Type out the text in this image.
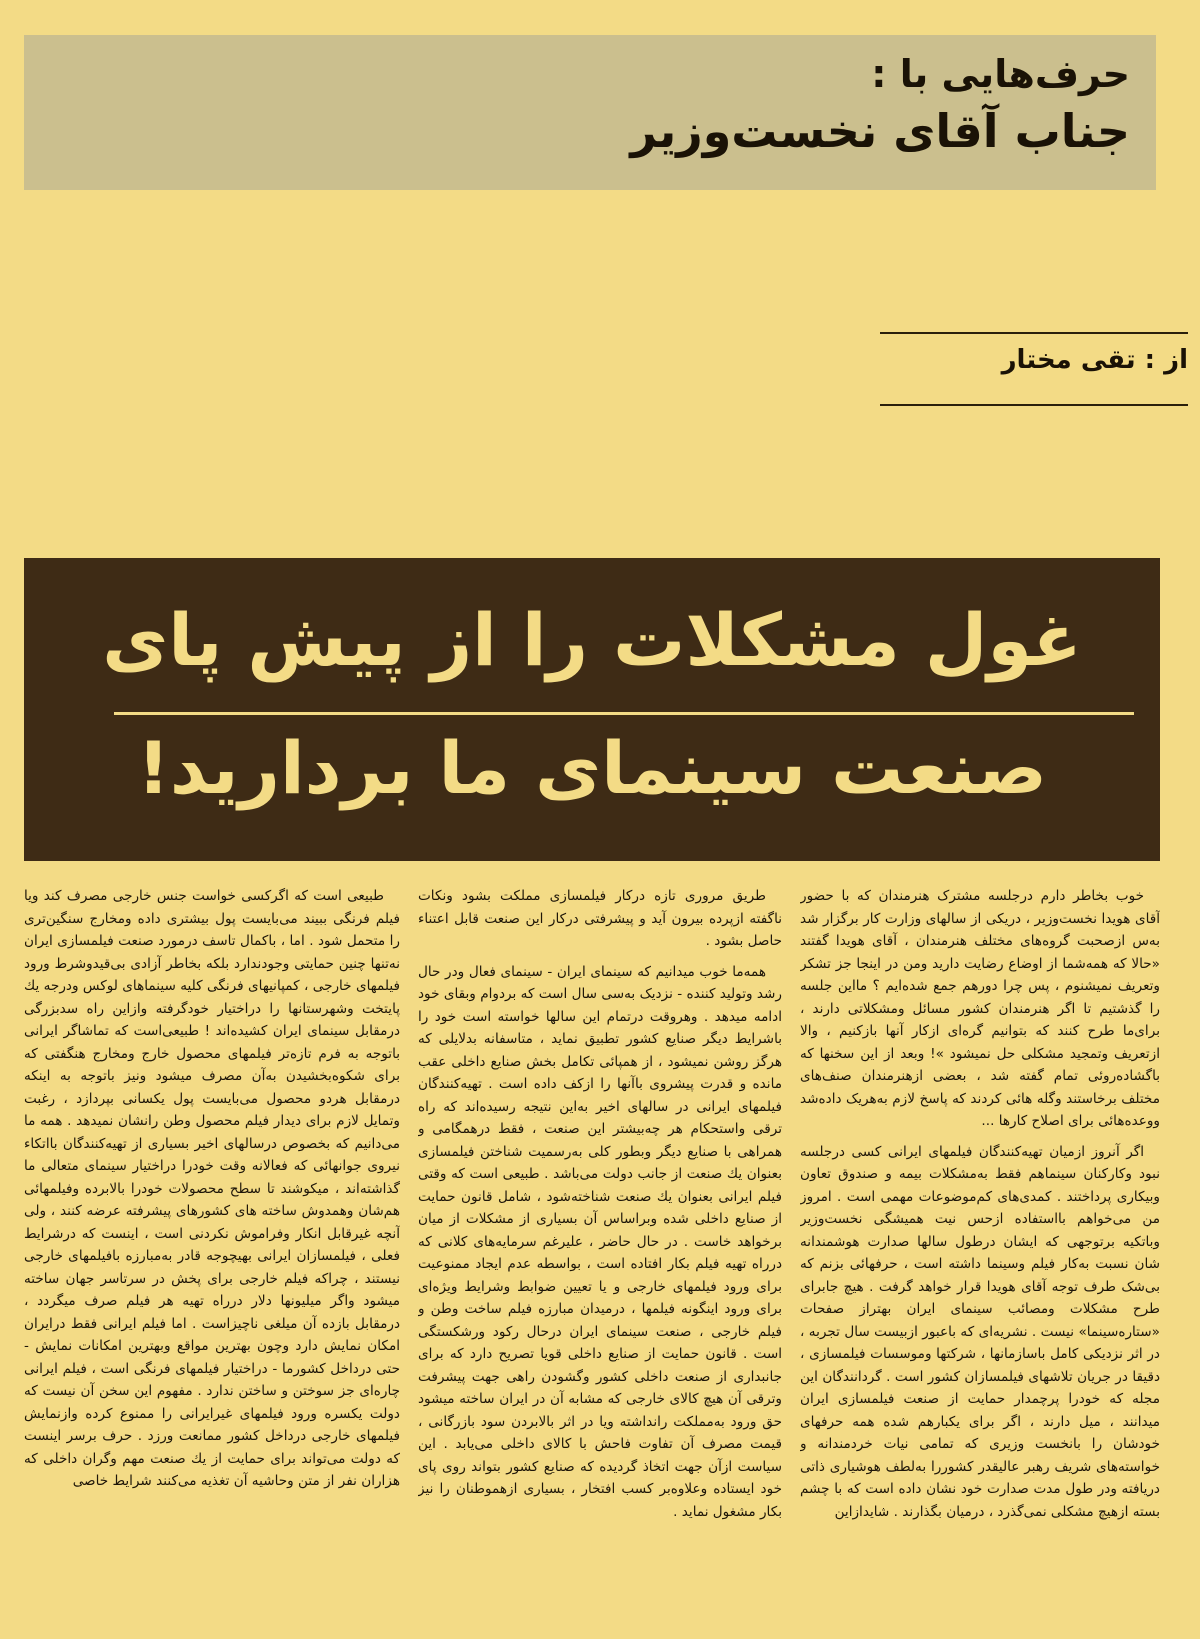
حرف‌هایی با :
جناب آقای نخست‌وزیر
از : تقی مختار
غول مشکلات را از پیش پای
صنعت سینمای ما بردارید!

خوب بخاطر دارم درجلسه مشترک هنرمندان که با حضور آقای هویدا نخست‌وزیر ، دریکی از سالهای وزارت کار برگزار شد به‌س ازصحبت گروه‌های مختلف هنرمندان ، آقای هویدا گفتند «حالا که همه‌شما از اوضاع رضایت دارید ومن در اینجا جز تشکر وتعریف نمیشنوم ، پس چرا دورهم جمع شده‌ایم ؟ مااین جلسه را گذشتیم تا اگر هنرمندان کشور مسائل ومشکلاتی دارند ، برای‌ما طرح کنند که بتوانیم گره‌ای ازکار آنها بازکنیم ، والا ازتعریف وتمجید مشکلی حل نمیشود »! وبعد از این سخنها که باگشاده‌روئی تمام گفته شد ، بعضی ازهنرمندان صنف‌های مختلف برخاستند وگله هائی کردند که پاسخ لازم به‌هریک داده‌شد ووعده‌هائی برای اصلاح کارها ...

اگر آنروز ازمیان تهیه‌کنندگان فیلمهای ایرانی کسی درجلسه نبود وکارکنان سینماهم فقط به‌مشکلات بیمه و صندوق تعاون وبیکاری پرداختند . کمدی‌های کم‌موضوعات مهمی است . امروز من می‌خواهم بااستفاده ازحس نیت همیشگی نخست‌وزیر وباتکیه برتوجهی که ایشان درطول سالها صدارت هوشمندانه شان نسبت به‌کار فیلم وسینما داشته است ، حرفهائی بزنم که بی‌شک طرف توجه آقای هویدا قرار خواهد گرفت . هیچ جابرای طرح مشکلات ومصائب سینمای ایران بهتراز صفحات «ستاره‌سینما» نیست . نشریه‌ای که باعبور ازبیست سال تجربه ، در اثر نزدیکی کامل باسازمانها ، شرکتها وموسسات فیلمسازی ، دقیقا در جریان تلاشهای فیلمسازان کشور است . گردانندگان این مجله که خودرا پرچمدار حمایت از صنعت فیلمسازی ایران میدانند ، میل دارند ، اگر برای یکبارهم شده همه حرفهای خودشان را بانخست وزیری که تمامی نیات خردمندانه و خواسته‌های شریف رهبر عالیقدر کشوررا به‌لطف هوشیاری ذاتی دریافته ودر طول مدت صدارت خود نشان داده است که با چشم بسته ازهیچ مشکلی نمی‌گذرد ، درمیان بگذارند . شایدازاین

طریق مروری تازه درکار فیلمسازی مملکت بشود ونکات ناگفته ازپرده بیرون آید و پیشرفتی درکار این صنعت قابل اعتناء حاصل بشود .

همه‌ما خوب میدانیم که سینمای ایران - سینمای فعال ودر حال رشد وتولید کننده - نزدیک به‌سی سال است که بردوام وبقای خود ادامه میدهد . وهروقت درتمام این سالها خواسته است خود را باشرایط دیگر صنایع کشور تطبیق نماید ، متاسفانه بدلایلی که هرگز روشن نمیشود ، از همپائی تکامل بخش صنایع داخلی عقب مانده و قدرت پیشروی باآنها را ازکف داده است . تهیه‌کنندگان فیلمهای ایرانی در سالهای اخیر به‌این نتیجه رسیده‌اند که راه ترقی واستحکام هر چه‌بیشتر این صنعت ، فقط درهمگامی و همراهی با صنایع دیگر وبطور کلی به‌رسمیت شناختن فیلمسازی بعنوان یك صنعت از جانب دولت می‌باشد . طبیعی است که وقتی فیلم ایرانی بعنوان یك صنعت شناخته‌شود ، شامل قانون حمایت از صنایع داخلی شده وبراساس آن بسیاری از مشکلات از میان برخواهد خاست . در حال حاضر ، علیرغم سرمایه‌های کلانی که درراه تهیه فیلم بکار افتاده است ، بواسطه عدم ایجاد ممنوعیت برای ورود فیلمهای خارجی و یا تعیین ضوابط وشرایط ویژه‌ای برای ورود اینگونه فیلمها ، درمیدان مبارزه فیلم ساخت وطن و فیلم خارجی ، صنعت سینمای ایران درحال رکود ورشکستگی است . قانون حمایت از صنایع داخلی قویا تصریح دارد که برای جانبداری از صنعت داخلی کشور وگشودن راهی جهت پیشرفت وترقی آن هیچ کالای خارجی که مشابه آن در ایران ساخته میشود حق ورود به‌مملکت رانداشته ویا در اثر بالابردن سود بازرگانی ، قیمت مصرف آن تفاوت فاحش با کالای داخلی می‌یابد . این سیاست ازآن جهت اتخاذ گردیده که صنایع کشور بتواند روی پای خود ایستاده وعلاوه‌بر کسب افتخار ، بسیاری ازهموطنان را نیز بکار مشغول نماید .

طبیعی است که اگرکسی خواست جنس خارجی مصرف کند ویا فیلم فرنگی ببیند می‌بایست پول بیشتری داده ومخارج سنگین‌تری را متحمل شود . اما ، باکمال تاسف درمورد صنعت فیلمسازی ایران نه‌تنها چنین حمایتی وجودندارد بلکه بخاطر آزادی بی‌قیدوشرط ورود فیلمهای خارجی ، کمپانیهای فرنگی کلیه سینماهای لوکس ودرجه یك پایتخت وشهرستانها را دراختیار خودگرفته وازاین راه سدبزرگی درمقابل سینمای ایران کشیده‌اند ! طبیعی‌است که تماشاگر ایرانی باتوجه به فرم تازه‌تر فیلمهای محصول خارج ومخارج هنگفتی که برای شکوه‌بخشیدن به‌آن مصرف میشود ونیز باتوجه به اینکه درمقابل هردو محصول می‌بایست پول یکسانی بپردازد ، رغبت وتمایل لازم برای دیدار فیلم محصول وطن رانشان نمیدهد . همه ما می‌دانیم که بخصوص درسالهای اخیر بسیاری از تهیه‌کنندگان بااتکاء نیروی جوانهائی که فعالانه وقت خودرا دراختیار سینمای متعالی ما گذاشته‌اند ، میکوشند تا سطح محصولات خودرا بالابرده وفیلمهائی هم‌شان وهمدوش ساخته های کشورهای پیشرفته عرضه کنند ، ولی آنچه غیرقابل انکار وفراموش نکردنی است ، اینست که درشرایط فعلی ، فیلمسازان ایرانی بهیچوجه قادر به‌مبارزه بافیلمهای خارجی نیستند ، چراکه فیلم خارجی برای پخش در سرتاسر جهان ساخته میشود واگر میلیونها دلار درراه تهیه هر فیلم صرف میگردد ، درمقابل بازده آن میلغی ناچیزاست . اما فیلم ایرانی فقط درایران امکان نمایش دارد وچون بهترین مواقع وبهترین امکانات نمایش - حتی درداخل کشورما - دراختیار فیلمهای فرنگی است ، فیلم ایرانی چاره‌ای جز سوختن و ساختن ندارد . مفهوم این سخن آن نیست که دولت یکسره ورود فیلمهای غیرایرانی را ممنوع کرده وازنمایش فیلمهای خارجی درداخل کشور ممانعت ورزد . حرف برسر اینست که دولت می‌تواند برای حمایت از یك صنعت مهم وگران داخلی که هزاران نفر از متن وحاشیه آن تغذیه می‌کنند شرایط خاصی
